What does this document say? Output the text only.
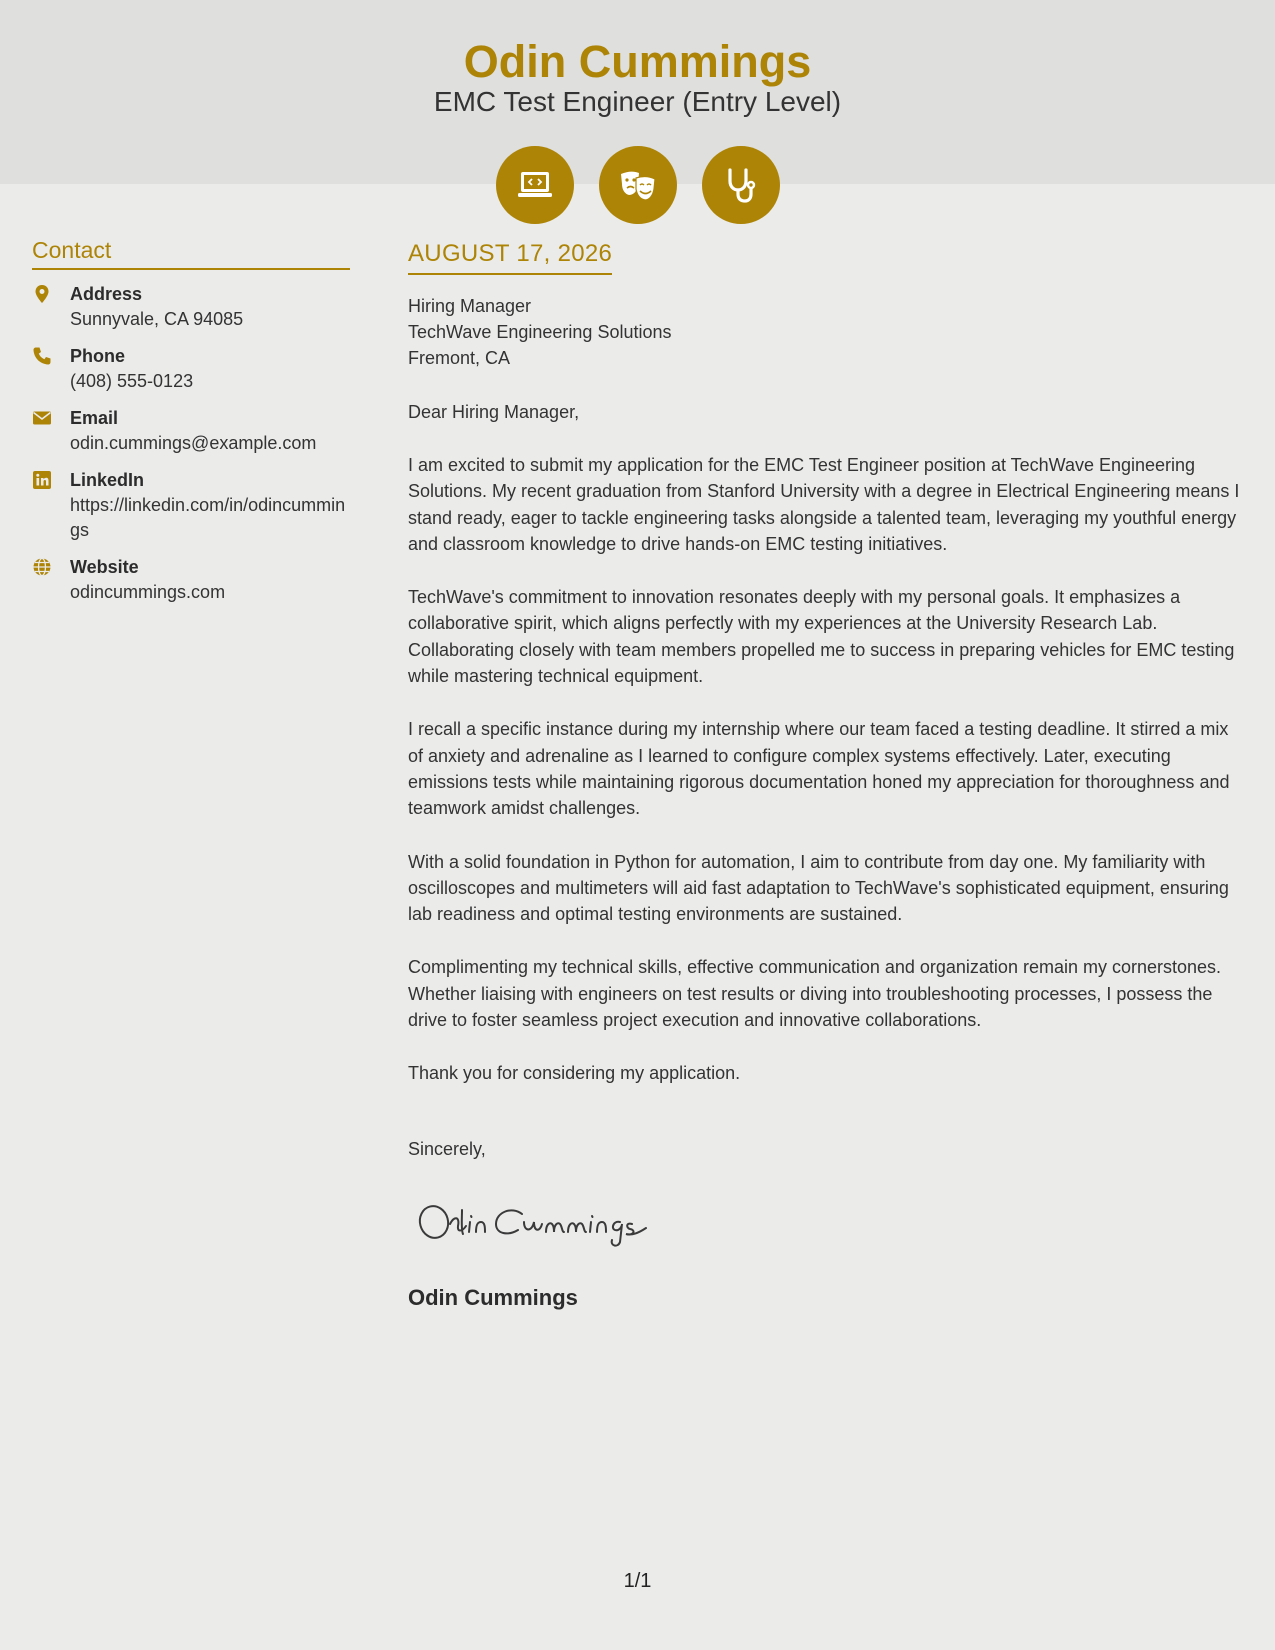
Odin Cummings
EMC Test Engineer (Entry Level)
Contact
Address
Sunnyvale, CA 94085
Phone
(408) 555-0123
Email
odin.cummings@example.com
LinkedIn
https://linkedin.com/in/odincummings
Website
odincummings.com
AUGUST 17, 2026
Hiring Manager
TechWave Engineering Solutions
Fremont, CA
Dear Hiring Manager,
I am excited to submit my application for the EMC Test Engineer position at TechWave Engineering Solutions. My recent graduation from Stanford University with a degree in Electrical Engineering means I stand ready, eager to tackle engineering tasks alongside a talented team, leveraging my youthful energy and classroom knowledge to drive hands-on EMC testing initiatives.
TechWave's commitment to innovation resonates deeply with my personal goals. It emphasizes a collaborative spirit, which aligns perfectly with my experiences at the University Research Lab. Collaborating closely with team members propelled me to success in preparing vehicles for EMC testing while mastering technical equipment.
I recall a specific instance during my internship where our team faced a testing deadline. It stirred a mix of anxiety and adrenaline as I learned to configure complex systems effectively. Later, executing emissions tests while maintaining rigorous documentation honed my appreciation for thoroughness and teamwork amidst challenges.
With a solid foundation in Python for automation, I aim to contribute from day one. My familiarity with oscilloscopes and multimeters will aid fast adaptation to TechWave's sophisticated equipment, ensuring lab readiness and optimal testing environments are sustained.
Complimenting my technical skills, effective communication and organization remain my cornerstones. Whether liaising with engineers on test results or diving into troubleshooting processes, I possess the drive to foster seamless project execution and innovative collaborations.
Thank you for considering my application.
Sincerely,
Odin Cummings
1/1
